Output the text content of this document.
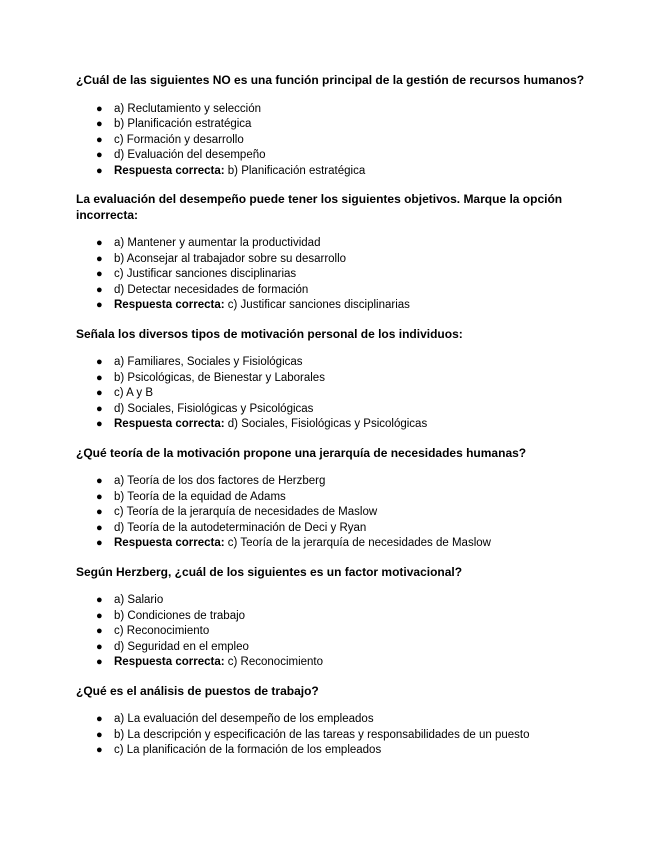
¿Cuál de las siguientes NO es una función principal de la gestión de recursos humanos?

● a) Reclutamiento y selección
● b) Planificación estratégica
● c) Formación y desarrollo
● d) Evaluación del desempeño
● Respuesta correcta: b) Planificación estratégica

La evaluación del desempeño puede tener los siguientes objetivos. Marque la opción incorrecta:

● a) Mantener y aumentar la productividad
● b) Aconsejar al trabajador sobre su desarrollo
● c) Justificar sanciones disciplinarias
● d) Detectar necesidades de formación
● Respuesta correcta: c) Justificar sanciones disciplinarias

Señala los diversos tipos de motivación personal de los individuos:

● a) Familiares, Sociales y Fisiológicas
● b) Psicológicas, de Bienestar y Laborales
● c) A y B
● d) Sociales, Fisiológicas y Psicológicas
● Respuesta correcta: d) Sociales, Fisiológicas y Psicológicas

¿Qué teoría de la motivación propone una jerarquía de necesidades humanas?

● a) Teoría de los dos factores de Herzberg
● b) Teoría de la equidad de Adams
● c) Teoría de la jerarquía de necesidades de Maslow
● d) Teoría de la autodeterminación de Deci y Ryan
● Respuesta correcta: c) Teoría de la jerarquía de necesidades de Maslow

Según Herzberg, ¿cuál de los siguientes es un factor motivacional?

● a) Salario
● b) Condiciones de trabajo
● c) Reconocimiento
● d) Seguridad en el empleo
● Respuesta correcta: c) Reconocimiento

¿Qué es el análisis de puestos de trabajo?

● a) La evaluación del desempeño de los empleados
● b) La descripción y especificación de las tareas y responsabilidades de un puesto
● c) La planificación de la formación de los empleados
